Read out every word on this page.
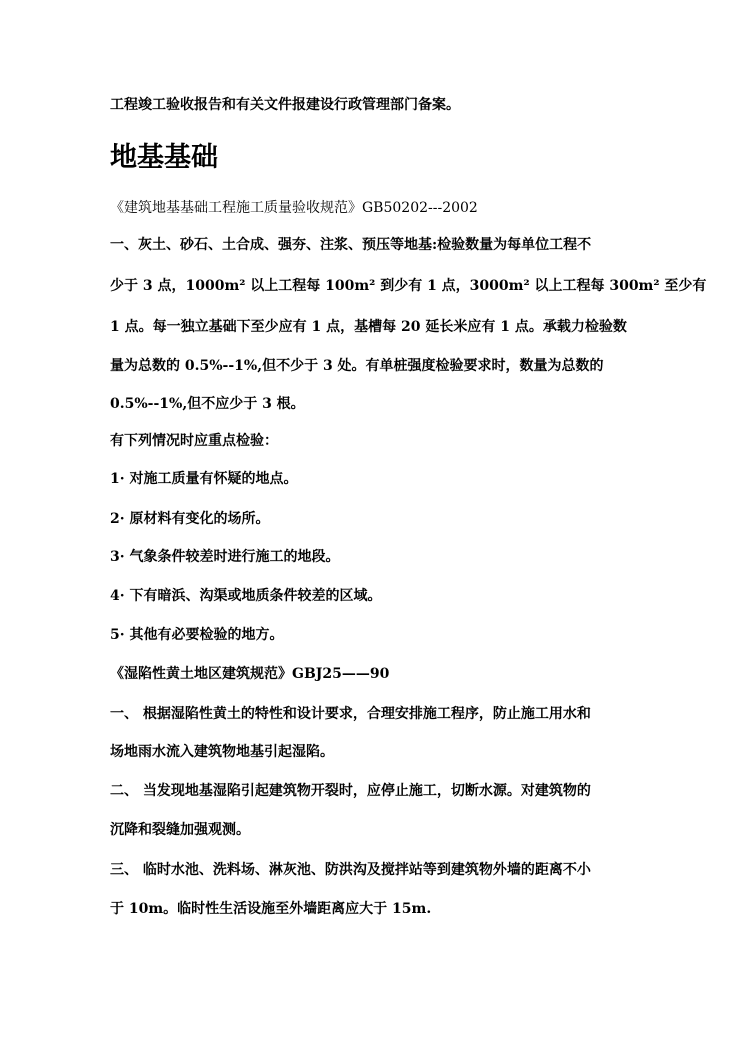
工程竣工验收报告和有关文件报建设行政管理部门备案。
地基基础
《建筑地基基础工程施工质量验收规范》GB50202---2002
一、灰土、砂石、土合成、强夯、注浆、预压等地基:检验数量为每单位工程不
少于 3 点，1000m² 以上工程每 100m² 到少有 1 点，3000m² 以上工程每 300m² 至少有
1 点。每一独立基础下至少应有 1 点，基槽每 20 延长米应有 1 点。承载力检验数
量为总数的 0.5%--1%,但不少于 3 处。有单桩强度检验要求时，数量为总数的
0.5%--1%,但不应少于 3 根。
有下列情况时应重点检验：
1· 对施工质量有怀疑的地点。
2· 原材料有变化的场所。
3· 气象条件较差时进行施工的地段。
4· 下有暗浜、沟渠或地质条件较差的区域。
5· 其他有必要检验的地方。
《湿陷性黄土地区建筑规范》GBJ25——90
一、 根据湿陷性黄土的特性和设计要求，合理安排施工程序，防止施工用水和
场地雨水流入建筑物地基引起湿陷。
二、 当发现地基湿陷引起建筑物开裂时，应停止施工，切断水源。对建筑物的
沉降和裂缝加强观测。
三、 临时水池、洗料场、淋灰池、防洪沟及搅拌站等到建筑物外墙的距离不小
于 10m。临时性生活设施至外墙距离应大于 15m.
